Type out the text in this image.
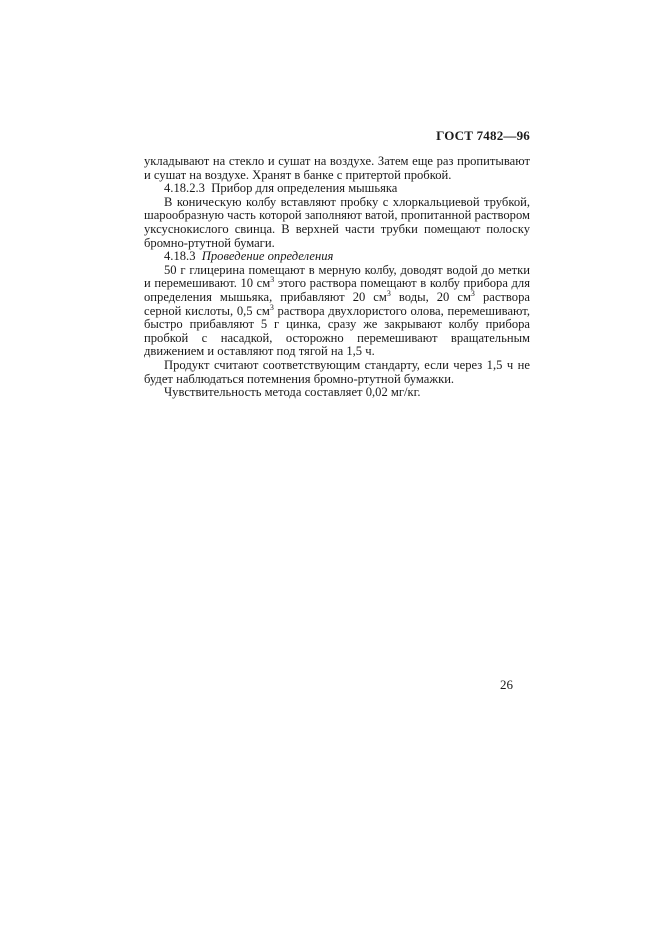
ГОСТ 7482—96

укладывают на стекло и сушат на воздухе. Затем еще раз пропитывают и сушат на воздухе. Хранят в банке с притертой пробкой.

4.18.2.3 Прибор для определения мышьяка

В коническую колбу вставляют пробку с хлоркальциевой трубкой, шарообразную часть которой заполняют ватой, пропитанной раствором уксуснокислого свинца. В верхней части трубки помещают полоску бромно-ртутной бумаги.

4.18.3 Проведение определения

50 г глицерина помещают в мерную колбу, доводят водой до метки и перемешивают. 10 $см^3$ этого раствора помещают в колбу прибора для определения мышьяка, прибавляют 20 $см^3$ воды, 20 $см^3$ раствора серной кислоты, 0,5 $см^3$ раствора двухлористого олова, перемешивают, быстро прибавляют 5 г цинка, сразу же закрывают колбу прибора пробкой с насадкой, осторожно перемешивают вращательным движением и оставляют под тягой на 1,5 ч.

Продукт считают соответствующим стандарту, если через 1,5 ч не будет наблюдаться потемнения бромно-ртутной бумажки.

Чувствительность метода составляет 0,02 мг/кг.

26
